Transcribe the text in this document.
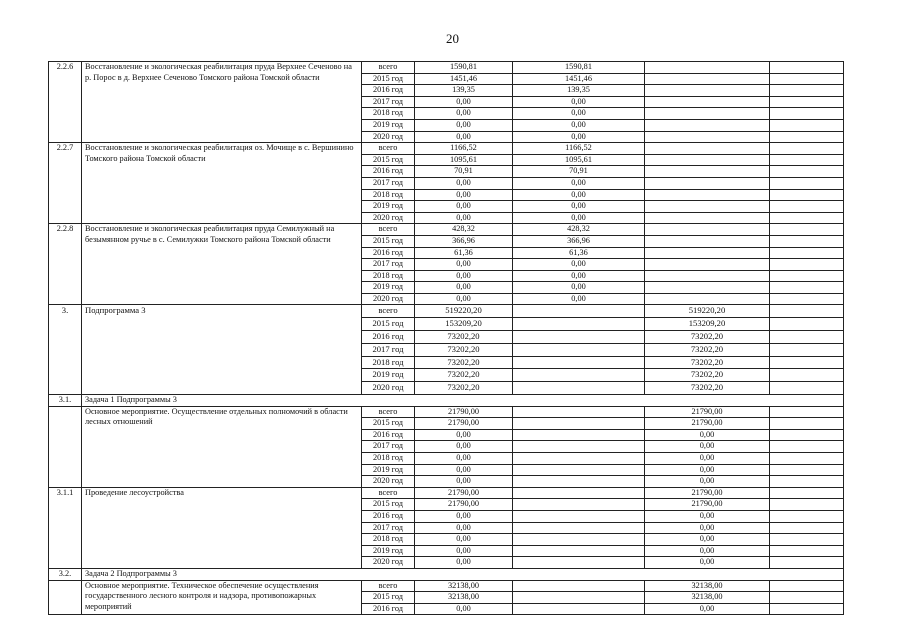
20
2.2.6	Восстановление и экологическая реабилитация пруда Верхнее Сеченово на р. Порос в д. Верхнее Сеченово Томского района Томской области	всего	1590,81	1590,81		
		2015 год	1451,46	1451,46		
		2016 год	139,35	139,35		
		2017 год	0,00	0,00		
		2018 год	0,00	0,00		
		2019 год	0,00	0,00		
		2020 год	0,00	0,00		
2.2.7	Восстановление и экологическая реабилитация оз. Мочище в с. Вершинино Томского района Томской области	всего	1166,52	1166,52		
		2015 год	1095,61	1095,61		
		2016 год	70,91	70,91		
		2017 год	0,00	0,00		
		2018 год	0,00	0,00		
		2019 год	0,00	0,00		
		2020 год	0,00	0,00		
2.2.8	Восстановление и экологическая реабилитация пруда Семилужный на безымянном ручье в с. Семилужки Томского района Томской области	всего	428,32	428,32		
		2015 год	366,96	366,96		
		2016 год	61,36	61,36		
		2017 год	0,00	0,00		
		2018 год	0,00	0,00		
		2019 год	0,00	0,00		
		2020 год	0,00	0,00		
3.	Подпрограмма 3	всего	519220,20		519220,20	
		2015 год	153209,20		153209,20	
		2016 год	73202,20		73202,20	
		2017 год	73202,20		73202,20	
		2018 год	73202,20		73202,20	
		2019 год	73202,20		73202,20	
		2020 год	73202,20		73202,20	
3.1.	Задача 1 Подпрограммы 3					
	Основное мероприятие. Осуществление отдельных полномочий в области лесных отношений	всего	21790,00		21790,00	
		2015 год	21790,00		21790,00	
		2016 год	0,00		0,00	
		2017 год	0,00		0,00	
		2018 год	0,00		0,00	
		2019 год	0,00		0,00	
		2020 год	0,00		0,00	
3.1.1	Проведение лесоустройства	всего	21790,00		21790,00	
		2015 год	21790,00		21790,00	
		2016 год	0,00		0,00	
		2017 год	0,00		0,00	
		2018 год	0,00		0,00	
		2019 год	0,00		0,00	
		2020 год	0,00		0,00	
3.2.	Задача 2 Подпрограммы 3					
	Основное мероприятие. Техническое обеспечение осуществления государственного лесного контроля и надзора, противопожарных мероприятий	всего	32138,00		32138,00	
		2015 год	32138,00		32138,00	
		2016 год	0,00		0,00	
